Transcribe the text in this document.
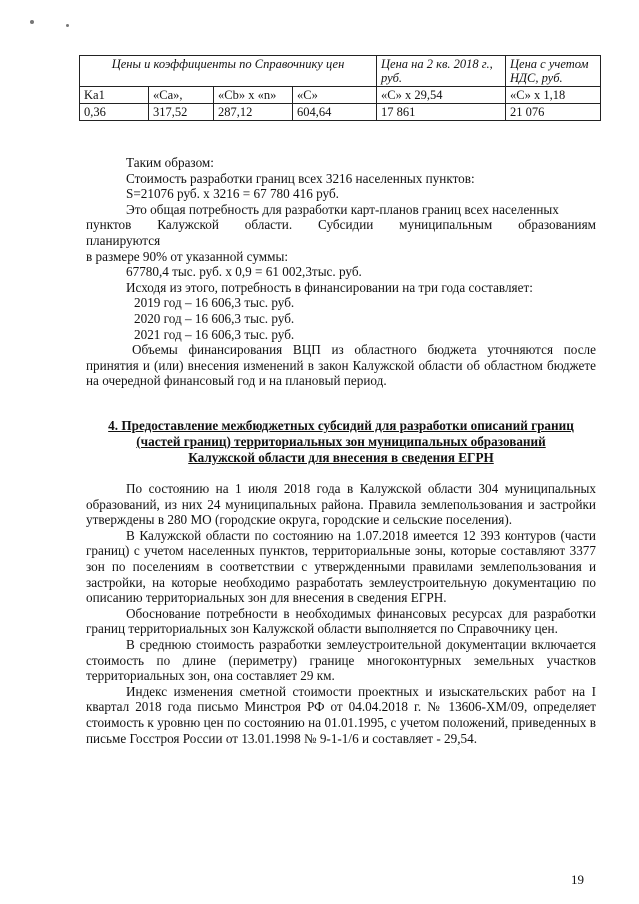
Цены и коэффициенты по Справочнику цен				Цена на 2 кв. 2018 г., руб.	Цена с учетом НДС, руб.
Ka1	«Ca»,	«Cb» х «n»	«C»	«C» х 29,54	«C» х 1,18
0,36	317,52	287,12	604,64	17 861	21 076
Таким образом:
Стоимость разработки границ всех 3216 населенных пунктов:
S=21076 руб. х 3216 = 67 780 416 руб.
Это общая потребность для разработки карт-планов границ всех населенных
пунктов Калужской области. Субсидии муниципальным образованиям
планируются
в размере 90% от указанной суммы:
67780,4 тыс. руб. х 0,9 = 61 002,3тыс. руб.
Исходя из этого, потребность в финансировании на три года составляет:
2019 год – 16 606,3 тыс. руб.
2020 год – 16 606,3 тыс. руб.
2021 год – 16 606,3 тыс. руб.
Объемы финансирования ВЦП из областного бюджета уточняются после принятия и (или) внесения изменений в закон Калужской области об областном бюджете на очередной финансовый год и на плановый период.
4. Предоставление межбюджетных субсидий для разработки описаний границ
(частей границ) территориальных зон муниципальных образований
Калужской области для внесения в сведения ЕГРН
По состоянию на 1 июля 2018 года в Калужской области 304 муниципальных образований, из них 24 муниципальных района. Правила землепользования и застройки утверждены в 280 МО (городские округа, городские и сельские поселения).
В Калужской области по состоянию на 1.07.2018 имеется 12 393 контуров (части границ) с учетом населенных пунктов, территориальные зоны, которые составляют 3377 зон по поселениям в соответствии с утвержденными правилами землепользования и застройки, на которые необходимо разработать землеустроительную документацию по описанию территориальных зон для внесения в сведения ЕГРН.
Обоснование потребности в необходимых финансовых ресурсах для разработки границ территориальных зон Калужской области выполняется по Справочнику цен.
В среднюю стоимость разработки землеустроительной документации включается стоимость по длине (периметру) границе многоконтурных земельных участков территориальных зон, она составляет 29 км.
Индекс изменения сметной стоимости проектных и изыскательских работ на I квартал 2018 года письмо Минстроя РФ от 04.04.2018 г. № 13606-ХМ/09, определяет стоимость к уровню цен по состоянию на 01.01.1995, с учетом положений, приведенных в письме Госстроя России от 13.01.1998 № 9-1-1/6 и составляет - 29,54.
19
